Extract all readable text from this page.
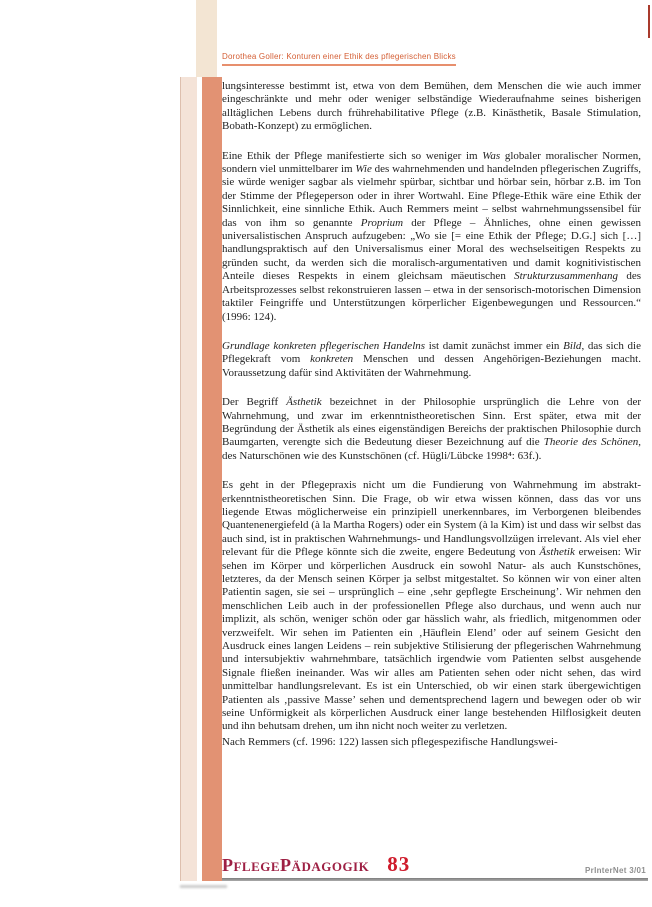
Dorothea Goller: Konturen einer Ethik des pflegerischen Blicks

lungsinteresse bestimmt ist, etwa von dem Bemühen, dem Menschen die wie auch immer eingeschränkte und mehr oder weniger selbständige Wiederaufnahme seines bisherigen alltäglichen Lebens durch frührehabilitative Pflege (z.B. Kinästhetik, Basale Stimulation, Bobath-Konzept) zu ermöglichen.

Eine Ethik der Pflege manifestierte sich so weniger im Was globaler moralischer Normen, sondern viel unmittelbarer im Wie des wahrnehmenden und handelnden pflegerischen Zugriffs, sie würde weniger sagbar als vielmehr spürbar, sichtbar und hörbar sein, hörbar z.B. im Ton der Stimme der Pflegeperson oder in ihrer Wortwahl. Eine Pflege-Ethik wäre eine Ethik der Sinnlichkeit, eine sinnliche Ethik. Auch Remmers meint – selbst wahrnehmungssensibel für das von ihm so genannte Proprium der Pflege – Ähnliches, ohne einen gewissen universalistischen Anspruch aufzugeben: „Wo sie [= eine Ethik der Pflege; D.G.] sich […] handlungspraktisch auf den Universalismus einer Moral des wechselseitigen Respekts zu gründen sucht, da werden sich die moralisch-argumentativen und damit kognitivistischen Anteile dieses Respekts in einem gleichsam mäeutischen Strukturzusammenhang des Arbeitsprozesses selbst rekonstruieren lassen – etwa in der sensorisch-motorischen Dimension taktiler Feingriffe und Unterstützungen körperlicher Eigenbewegungen und Ressourcen.“ (1996: 124).

Grundlage konkreten pflegerischen Handelns ist damit zunächst immer ein Bild, das sich die Pflegekraft vom konkreten Menschen und dessen Angehörigen-Beziehungen macht. Voraussetzung dafür sind Aktivitäten der Wahrnehmung.

Der Begriff Ästhetik bezeichnet in der Philosophie ursprünglich die Lehre von der Wahrnehmung, und zwar im erkenntnistheoretischen Sinn. Erst später, etwa mit der Begründung der Ästhetik als eines eigenständigen Bereichs der praktischen Philosophie durch Baumgarten, verengte sich die Bedeutung dieser Bezeichnung auf die Theorie des Schönen, des Naturschönen wie des Kunstschönen (cf. Hügli/Lübcke 1998⁴: 63f.).

Es geht in der Pflegepraxis nicht um die Fundierung von Wahrnehmung im abstrakt-erkenntnistheoretischen Sinn. Die Frage, ob wir etwa wissen können, dass das vor uns liegende Etwas möglicherweise ein prinzipiell unerkennbares, im Verborgenen bleibendes Quantenenergiefeld (à la Martha Rogers) oder ein System (à la Kim) ist und dass wir selbst das auch sind, ist in praktischen Wahrnehmungs- und Handlungsvollzügen irrelevant. Als viel eher relevant für die Pflege könnte sich die zweite, engere Bedeutung von Ästhetik erweisen: Wir sehen im Körper und körperlichen Ausdruck ein sowohl Natur- als auch Kunstschönes, letzteres, da der Mensch seinen Körper ja selbst mitgestaltet. So können wir von einer alten Patientin sagen, sie sei – ursprünglich – eine ‚sehr gepflegte Erscheinung’. Wir nehmen den menschlichen Leib auch in der professionellen Pflege also durchaus, und wenn auch nur implizit, als schön, weniger schön oder gar hässlich wahr, als friedlich, mitgenommen oder verzweifelt. Wir sehen im Patienten ein ‚Häuflein Elend’ oder auf seinem Gesicht den Ausdruck eines langen Leidens – rein subjektive Stilisierung der pflegerischen Wahrnehmung und intersubjektiv wahrnehmbare, tatsächlich irgendwie vom Patienten selbst ausgehende Signale fließen ineinander. Was wir alles am Patienten sehen oder nicht sehen, das wird unmittelbar handlungsrelevant. Es ist ein Unterschied, ob wir einen stark übergewichtigen Patienten als ‚passive Masse’ sehen und dementsprechend lagern und bewegen oder ob wir seine Unförmigkeit als körperlichen Ausdruck einer lange bestehenden Hilflosigkeit deuten und ihn behutsam drehen, um ihn nicht noch weiter zu verletzen.

Nach Remmers (cf. 1996: 122) lassen sich pflegespezifische Handlungswei-

PflegePädagogik 83	PrInterNet 3/01
